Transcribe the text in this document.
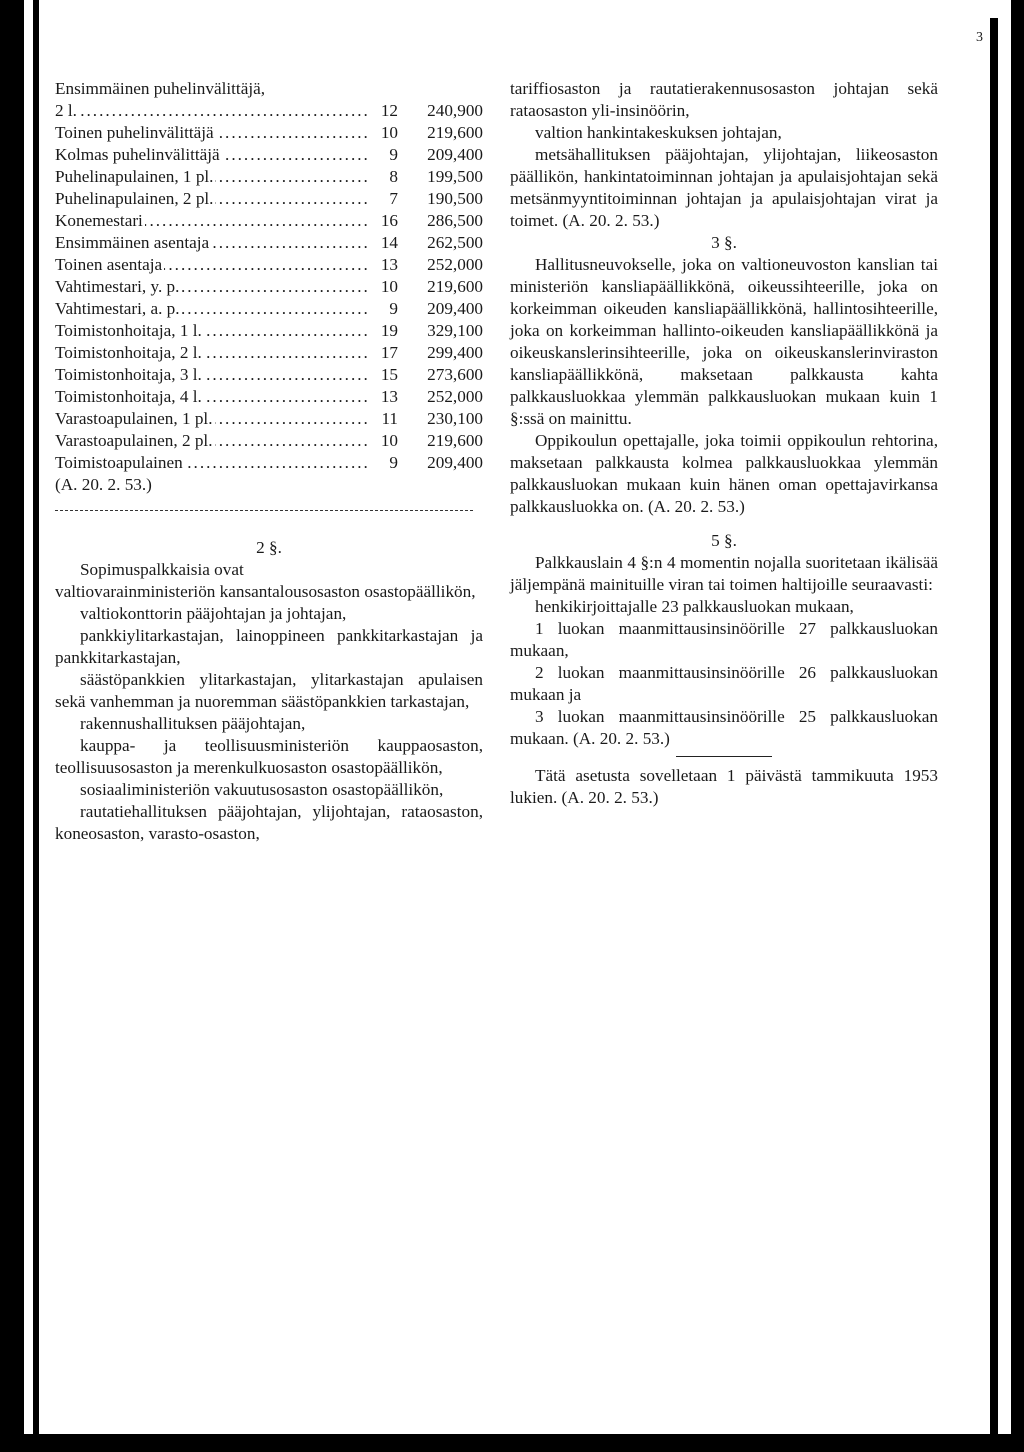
3
Ensimmäinen puhelinvälittäjä,
2 l. .....	12	240,900
Toinen puhelinvälittäjä .....	10	219,600
Kolmas puhelinvälittäjä .....	9	209,400
Puhelinapulainen, 1 pl. .....	8	199,500
Puhelinapulainen, 2 pl. .....	7	190,500
Konemestari .....	16	286,500
Ensimmäinen asentaja .....	14	262,500
Toinen asentaja .....	13	252,000
Vahtimestari, y. p. .....	10	219,600
Vahtimestari, a. p. .....	9	209,400
Toimistonhoitaja, 1 l. .....	19	329,100
Toimistonhoitaja, 2 l. .....	17	299,400
Toimistonhoitaja, 3 l. .....	15	273,600
Toimistonhoitaja, 4 l. .....	13	252,000
Varastoapulainen, 1 pl. .....	11	230,100
Varastoapulainen, 2 pl. .....	10	219,600
Toimistoapulainen .....	9	209,400
(A. 20. 2. 53.)
2 §.
Sopimuspalkkaisia ovat
valtiovarainministeriön kansantalousosaston osastopäällikön,
valtiokonttorin pääjohtajan ja johtajan,
pankkiylitarkastajan, lainoppineen pankkitarkastajan ja pankkitarkastajan,
säästöpankkien ylitarkastajan, ylitarkastajan apulaisen sekä vanhemman ja nuoremman säästöpankkien tarkastajan,
rakennushallituksen pääjohtajan,
kauppa- ja teollisuusministeriön kauppaosaston, teollisuusosaston ja merenkulkuosaston osastopäällikön,
sosiaaliministeriön vakuutusosaston osastopäällikön,
rautatiehallituksen pääjohtajan, ylijohtajan, rataosaston, koneosaston, varasto-osaston,
tariffiosaston ja rautatierakennusosaston johtajan sekä rataosaston yli-insinöörin,
valtion hankintakeskuksen johtajan,
metsähallituksen pääjohtajan, ylijohtajan, liikeosaston päällikön, hankintatoiminnan johtajan ja apulaisjohtajan sekä metsänmyyntitoiminnan johtajan ja apulaisjohtajan virat ja toimet. (A. 20. 2. 53.)
3 §.
Hallitusneuvokselle, joka on valtioneuvoston kanslian tai ministeriön kansliapäällikkönä, oikeussihteerille, joka on korkeimman oikeuden kansliapäällikkönä, hallintosihteerille, joka on korkeimman hallinto-oikeuden kansliapäällikkönä ja oikeuskanslerinsihteerille, joka on oikeuskanslerinviraston kansliapäällikkönä, maksetaan palkkausta kahta palkkausluokkaa ylemmän palkkausluokan mukaan kuin 1 §:ssä on mainittu.
Oppikoulun opettajalle, joka toimii oppikoulun rehtorina, maksetaan palkkausta kolmea palkkausluokkaa ylemmän palkkausluokan mukaan kuin hänen oman opettajavirkansa palkkausluokka on. (A. 20. 2. 53.)
5 §.
Palkkauslain 4 §:n 4 momentin nojalla suoritetaan ikälisää jäljempänä mainituille viran tai toimen haltijoille seuraavasti:
henkikirjoittajalle 23 palkkausluokan mukaan,
1 luokan maanmittausinsinöörille 27 palkkausluokan mukaan,
2 luokan maanmittausinsinöörille 26 palkkausluokan mukaan ja
3 luokan maanmittausinsinöörille 25 palkkausluokan mukaan. (A. 20. 2. 53.)
Tätä asetusta sovelletaan 1 päivästä tammikuuta 1953 lukien. (A. 20. 2. 53.)
